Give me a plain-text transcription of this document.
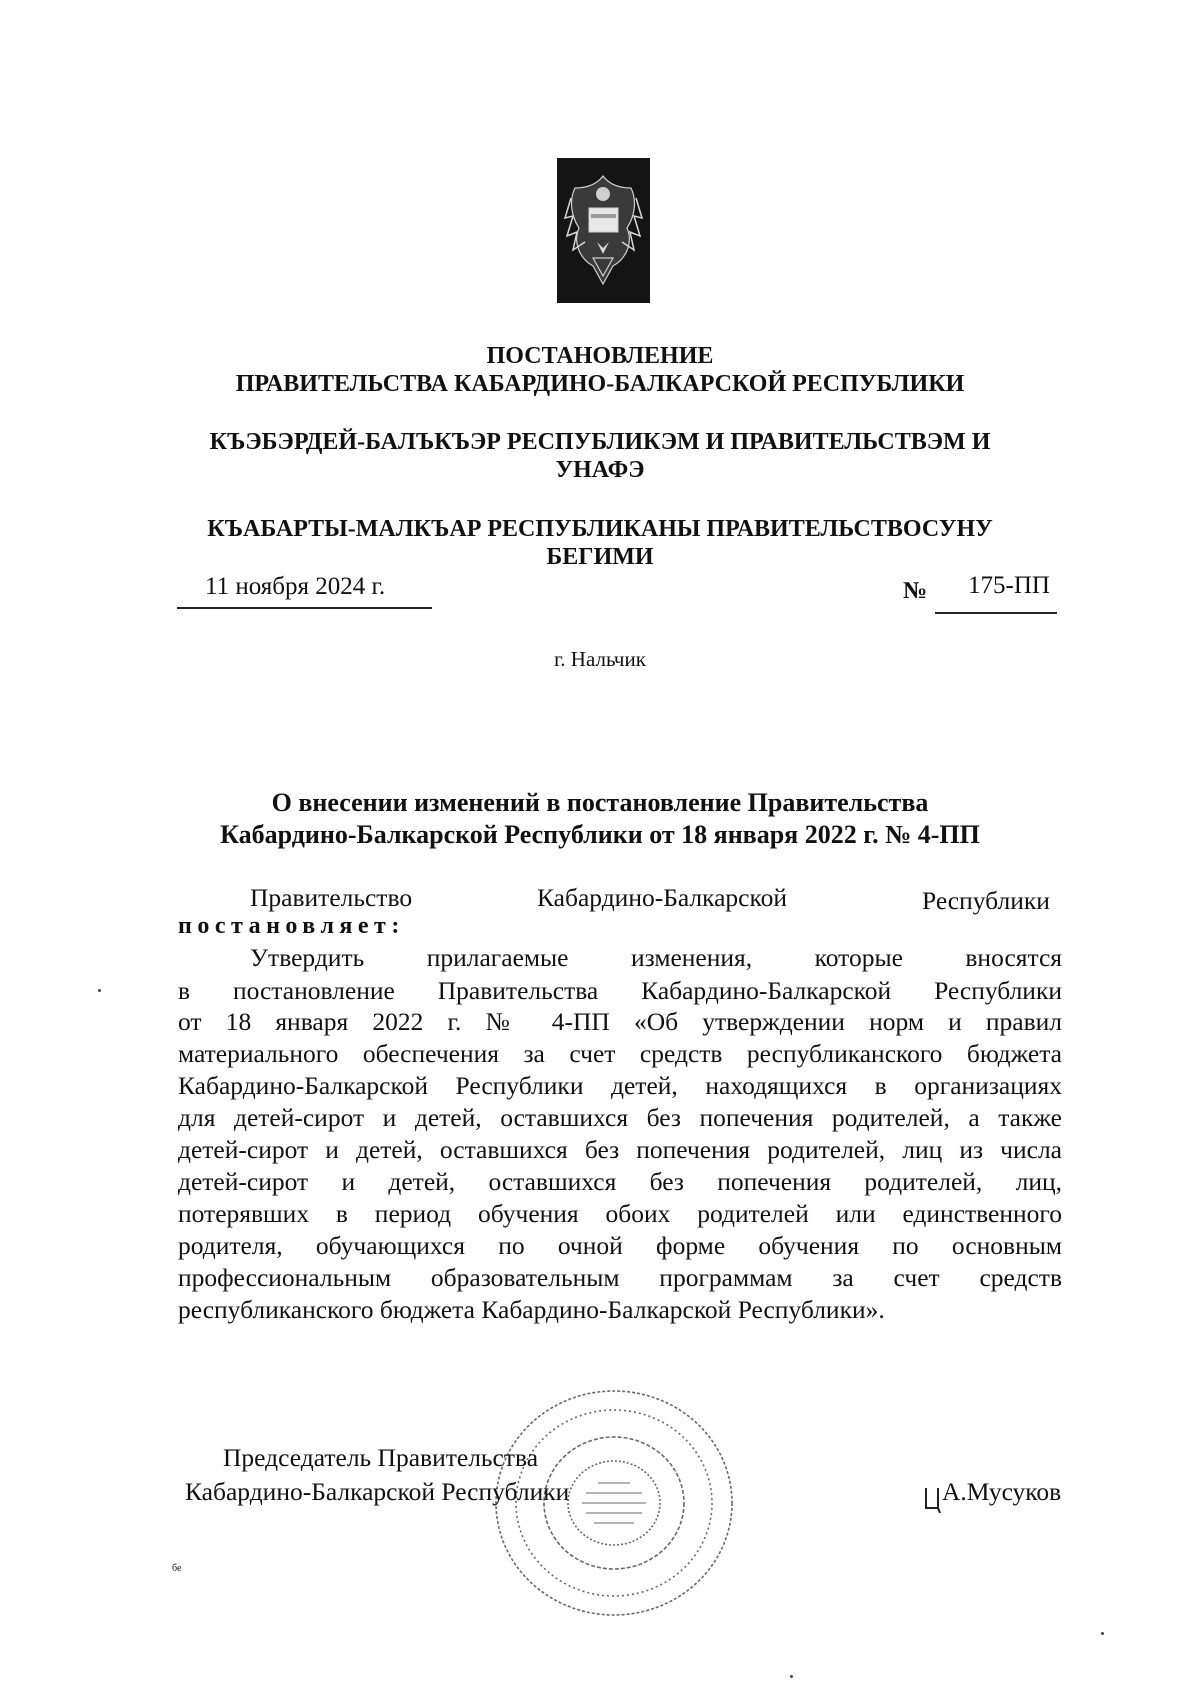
ПОСТАНОВЛЕНИЕ
ПРАВИТЕЛЬСТВА КАБАРДИНО-БАЛКАРСКОЙ РЕСПУБЛИКИ
КЪЭБЭРДЕЙ-БАЛЪКЪЭР РЕСПУБЛИКЭМ И ПРАВИТЕЛЬСТВЭМ И
УНАФЭ
КЪАБАРТЫ-МАЛКЪАР РЕСПУБЛИКАНЫ ПРАВИТЕЛЬСТВОСУНУ
БЕГИМИ
11 ноября 2024 г.	№ 175-ПП
г. Нальчик
О внесении изменений в постановление Правительства
Кабардино-Балкарской Республики от 18 января 2022 г. № 4-ПП
Правительство	Кабардино-Балкарской	Республики
постановляет:
Утвердить прилагаемые изменения, которые вносятся
в постановление Правительства Кабардино-Балкарской Республики
от 18 января 2022 г. № 4-ПП «Об утверждении норм и правил
материального обеспечения за счет средств республиканского бюджета
Кабардино-Балкарской Республики детей, находящихся в организациях
для детей-сирот и детей, оставшихся без попечения родителей, а также
детей-сирот и детей, оставшихся без попечения родителей, лиц из числа
детей-сирот и детей, оставшихся без попечения родителей, лиц,
потерявших в период обучения обоих родителей или единственного
родителя, обучающихся по очной форме обучения по основным
профессиональным образовательным программам за счет средств
республиканского бюджета Кабардино-Балкарской Республики».
Председатель Правительства
Кабардино-Балкарской Республики	А.Мусуков
бе
